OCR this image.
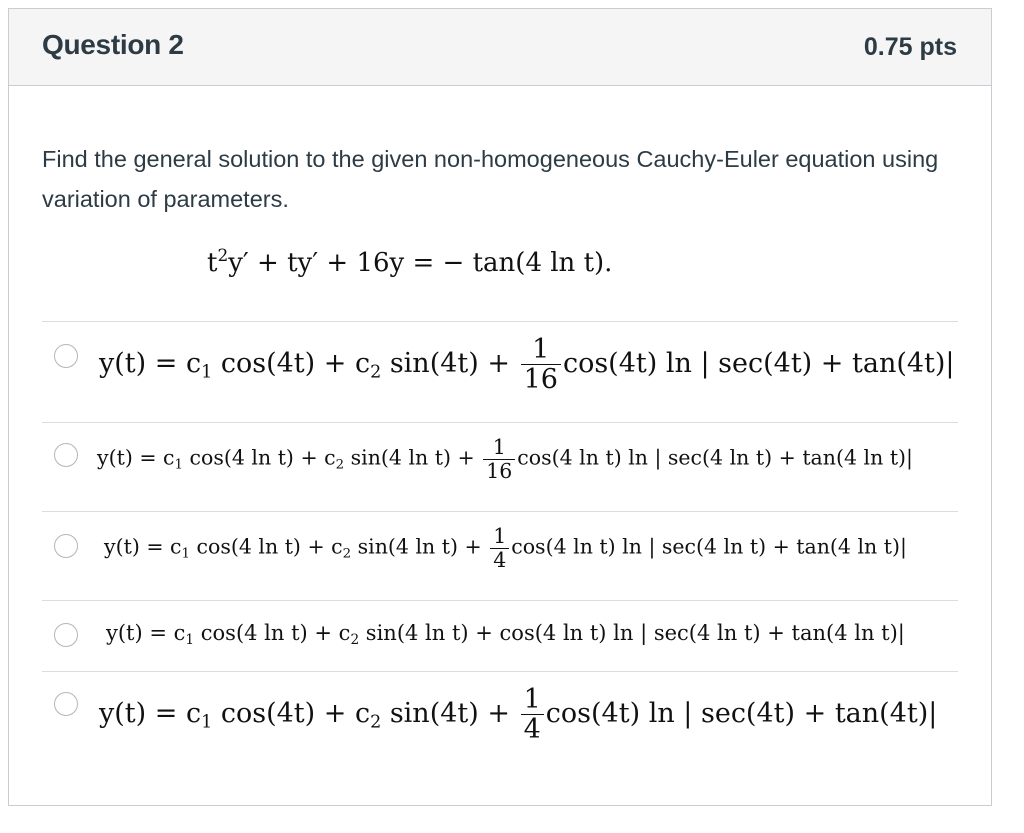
Question 2	0.75 pts
Find the general solution to the given non-homogeneous Cauchy-Euler equation using variation of parameters.
$t^2y' + ty' + 16y$ = − tan(4 ln t).
$y(t) = c_1$ $\cos(4t) + c_2$ $\sin(4t) + \frac{1}{16} \cos(4t)$ ln | sec(4t) + tan(4t)|
$y(t) = c_1$ cos(4 $\ln t) + c_2$ sin(4 $\ln t) + \frac{1}{16} \cos(4$ ln t) ln | sec(4 ln t) + tan(4 ln t)|
$y(t) = c_1$ cos(4 $\ln t) + c_2$ sin(4 $\ln t) + \frac{1}{4} \cos(4$ ln t) ln | sec(4 ln t) + tan(4 ln t)|
$y(t) = c_1$ cos(4 $\ln t) + c_2$ sin(4 ln t) + cos(4 ln t) ln | sec(4 ln t) + tan(4 ln t)|
$y(t) = c_1$ $\cos(4t) + c_2$ $\sin(4t) + \frac{1}{4} \cos(4t)$ ln | sec(4t) + tan(4t)|
